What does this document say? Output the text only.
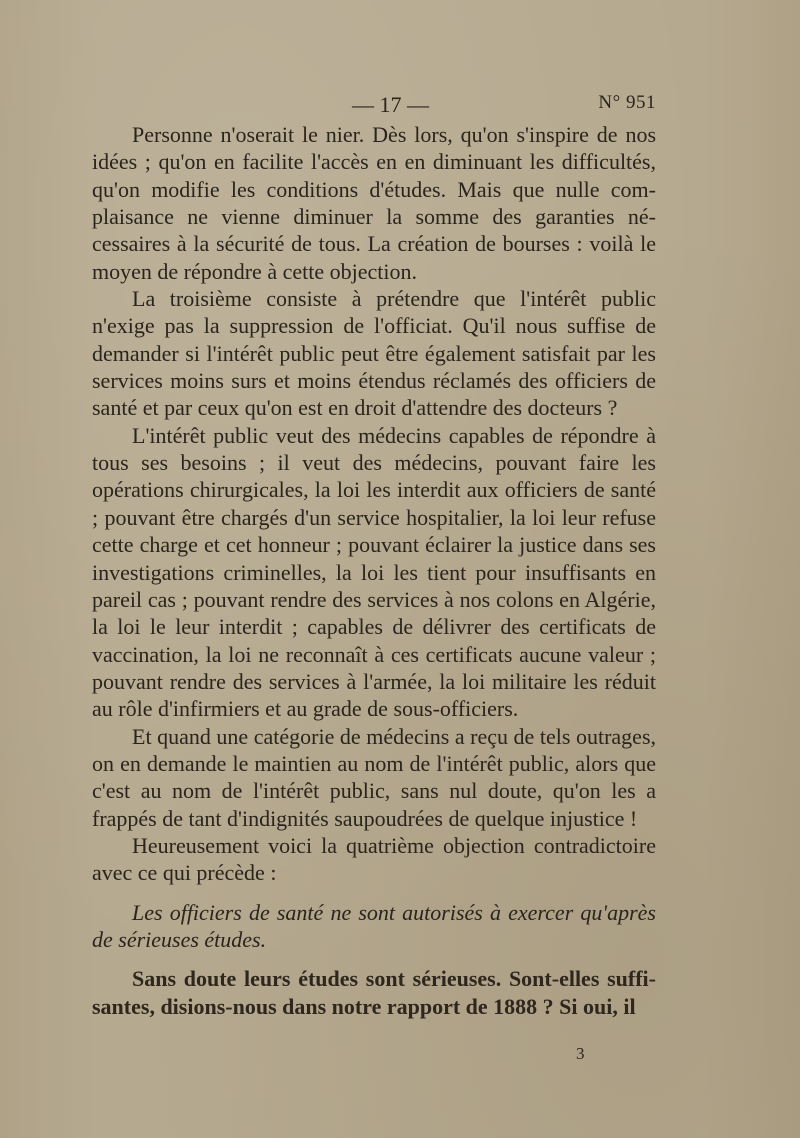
— 17 —	N° 951

Personne n'oserait le nier. Dès lors, qu'on s'inspire de nos idées ; qu'on en facilite l'accès en en diminuant les difficultés, qu'on modifie les conditions d'études. Mais que nulle complaisance ne vienne diminuer la somme des garanties nécessaires à la sécurité de tous. La création de bourses : voilà le moyen de répondre à cette objection.

La troisième consiste à prétendre que l'intérêt public n'exige pas la suppression de l'officiat. Qu'il nous suffise de demander si l'intérêt public peut être également satisfait par les services moins surs et moins étendus réclamés des officiers de santé et par ceux qu'on est en droit d'attendre des docteurs ?

L'intérêt public veut des médecins capables de répondre à tous ses besoins ; il veut des médecins, pouvant faire les opérations chirurgicales, la loi les interdit aux officiers de santé ; pouvant être chargés d'un service hospitalier, la loi leur refuse cette charge et cet honneur ; pouvant éclairer la justice dans ses investigations criminelles, la loi les tient pour insuffisants en pareil cas ; pouvant rendre des services à nos colons en Algérie, la loi le leur interdit ; capables de délivrer des certificats de vaccination, la loi ne reconnaît à ces certificats aucune valeur ; pouvant rendre des services à l'armée, la loi militaire les réduit au rôle d'infirmiers et au grade de sous-officiers.

Et quand une catégorie de médecins a reçu de tels outrages, on en demande le maintien au nom de l'intérêt public, alors que c'est au nom de l'intérêt public, sans nul doute, qu'on les a frappés de tant d'indignités saupoudrées de quelque injustice !

Heureusement voici la quatrième objection contradictoire avec ce qui précède :

Les officiers de santé ne sont autorisés à exercer qu'après de sérieuses études.

Sans doute leurs études sont sérieuses. Sont-elles suffisantes, disions-nous dans notre rapport de 1888 ? Si oui, il

3
